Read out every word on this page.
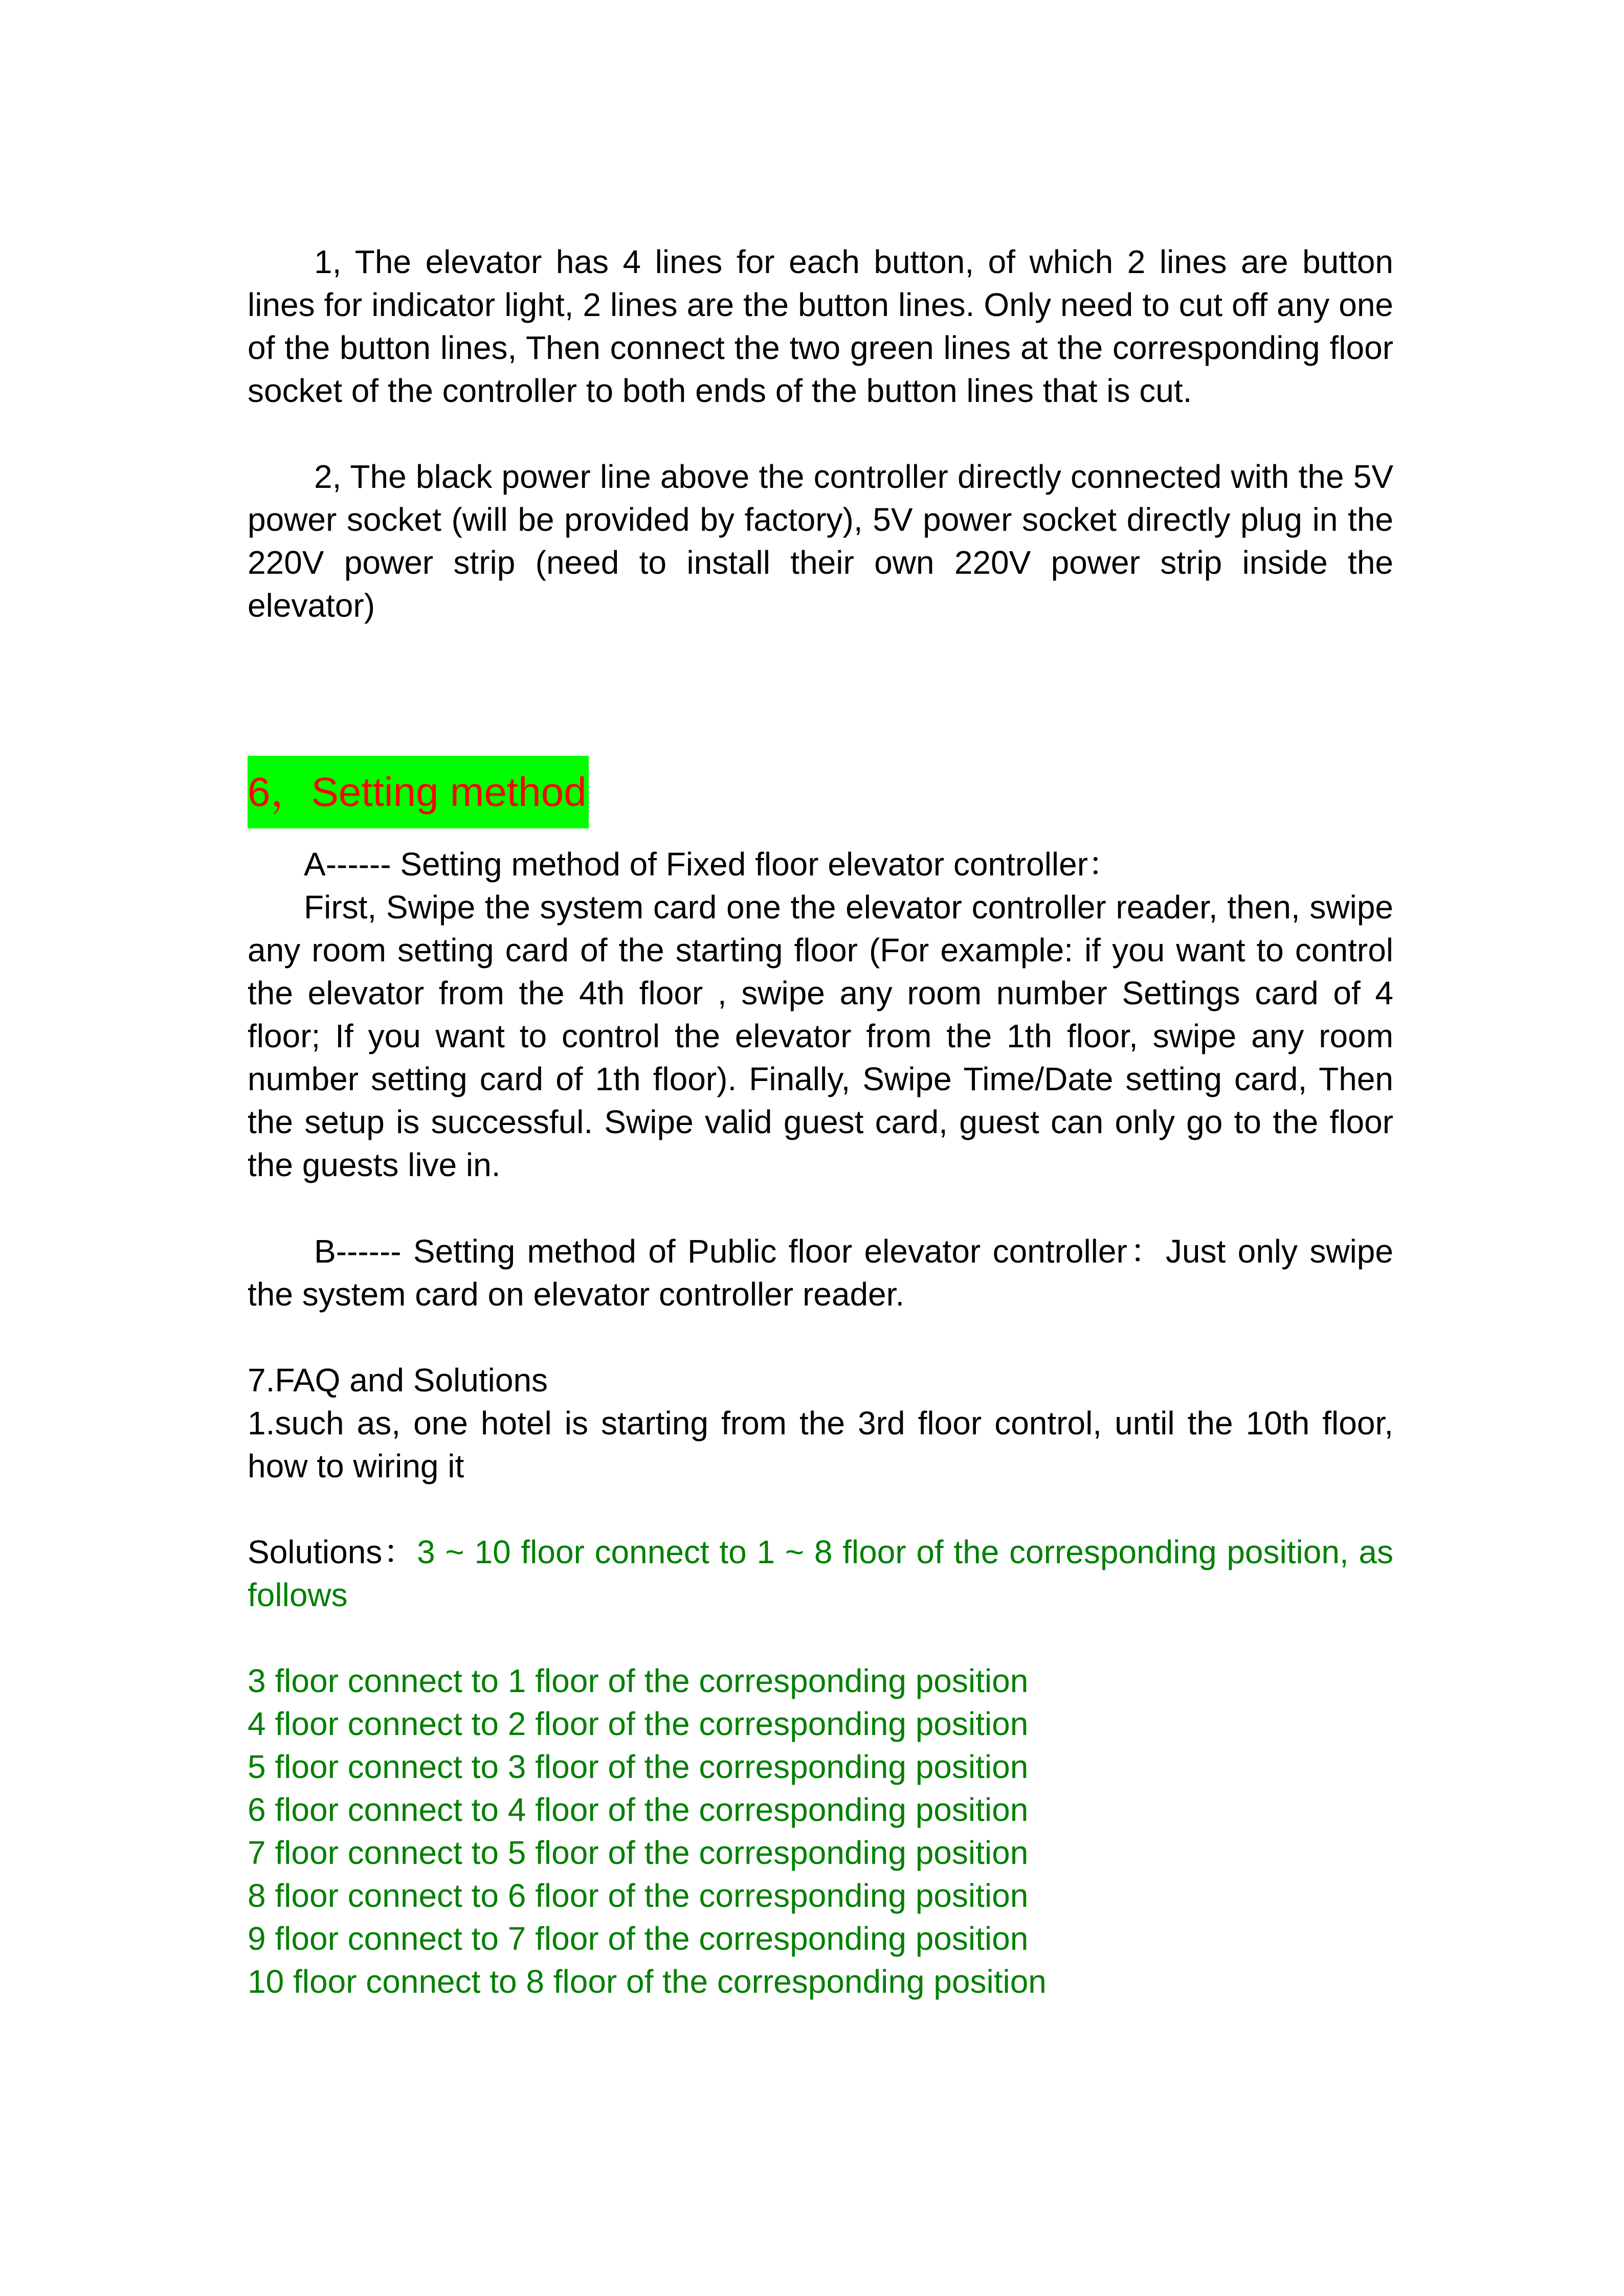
1, The elevator has 4 lines for each button, of which 2 lines are button lines for indicator light, 2 lines are the button lines. Only need to cut off any one of the button lines, Then connect the two green lines at the corresponding floor socket of the controller to both ends of the button lines that is cut.
2, The black power line above the controller directly connected with the 5V power socket (will be provided by factory), 5V power socket directly plug in the 220V power strip (need to install their own 220V power strip inside the elevator)
6，Setting method
A------ Setting method of Fixed floor elevator controller：
First, Swipe the system card one the elevator controller reader, then, swipe any room setting card of the starting floor (For example: if you want to control the elevator from the 4th floor , swipe any room number Settings card of 4 floor; If you want to control the elevator from the 1th floor, swipe any room number setting card of 1th floor). Finally, Swipe Time/Date setting card, Then the setup is successful. Swipe valid guest card, guest can only go to the floor the guests live in.
B------ Setting method of Public floor elevator controller：Just only swipe the system card on elevator controller reader.
7.FAQ and Solutions
1.such as, one hotel is starting from the 3rd floor control, until the 10th floor, how to wiring it
Solutions：3 ~ 10 floor connect to 1 ~ 8 floor of the corresponding position, as follows
3 floor connect to 1 floor of the corresponding position
4 floor connect to 2 floor of the corresponding position
5 floor connect to 3 floor of the corresponding position
6 floor connect to 4 floor of the corresponding position
7 floor connect to 5 floor of the corresponding position
8 floor connect to 6 floor of the corresponding position
9 floor connect to 7 floor of the corresponding position
10 floor connect to 8 floor of the corresponding position
